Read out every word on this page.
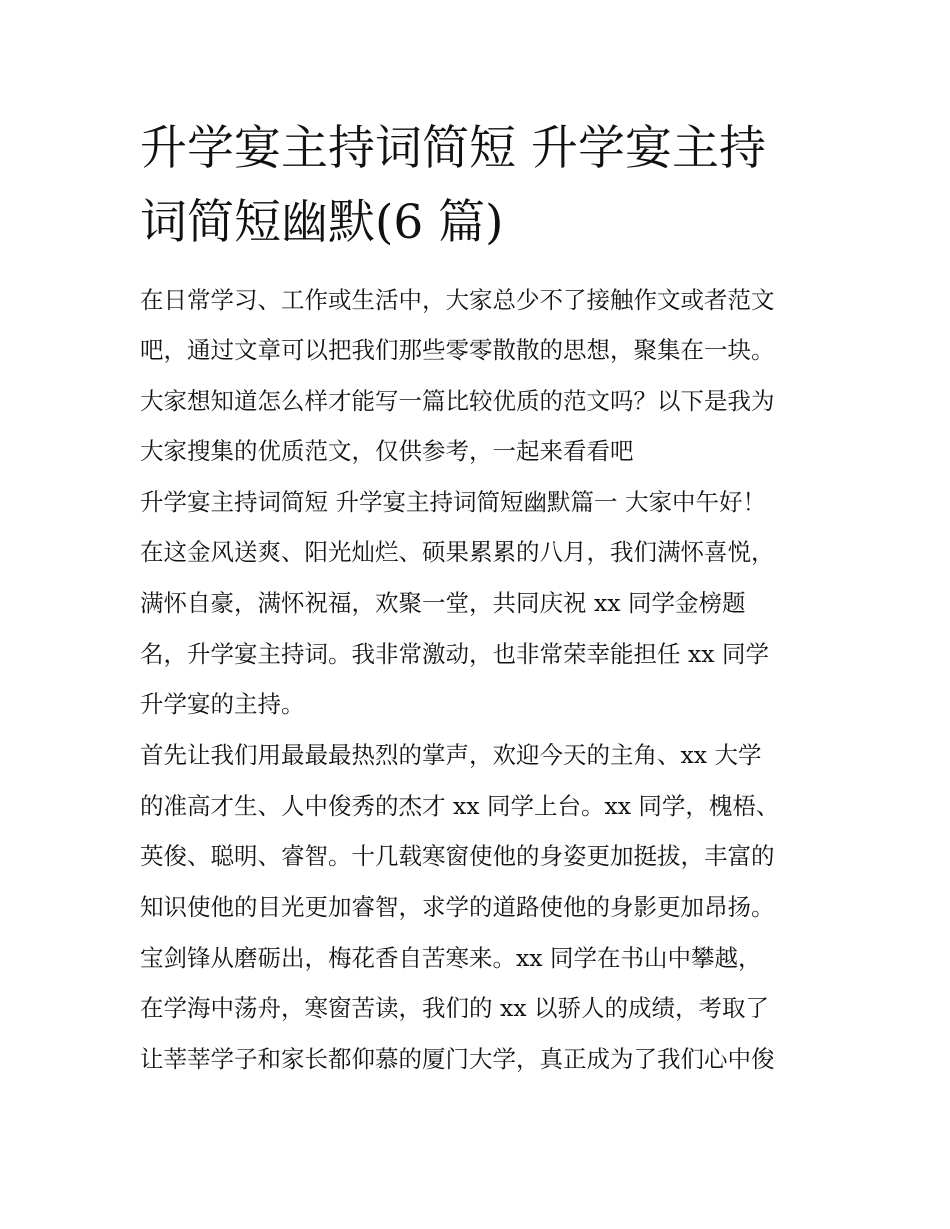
升学宴主持词简短 升学宴主持
词简短幽默(6 篇)

在日常学习、工作或生活中，大家总少不了接触作文或者范文

吧，通过文章可以把我们那些零零散散的思想，聚集在一块。

大家想知道怎么样才能写一篇比较优质的范文吗？以下是我为

大家搜集的优质范文，仅供参考，一起来看看吧

升学宴主持词简短 升学宴主持词简短幽默篇一 大家中午好！

在这金风送爽、阳光灿烂、硕果累累的八月，我们满怀喜悦，

满怀自豪，满怀祝福，欢聚一堂，共同庆祝 xx 同学金榜题

名，升学宴主持词。我非常激动，也非常荣幸能担任 xx 同学

升学宴的主持。

首先让我们用最最最热烈的掌声，欢迎今天的主角、xx 大学

的准高才生、人中俊秀的杰才 xx 同学上台。xx 同学，槐梧、

英俊、聪明、睿智。十几载寒窗使他的身姿更加挺拔，丰富的

知识使他的目光更加睿智，求学的道路使他的身影更加昂扬。

宝剑锋从磨砺出，梅花香自苦寒来。xx 同学在书山中攀越，

在学海中荡舟，寒窗苦读，我们的 xx 以骄人的成绩，考取了

让莘莘学子和家长都仰慕的厦门大学，真正成为了我们心中俊
